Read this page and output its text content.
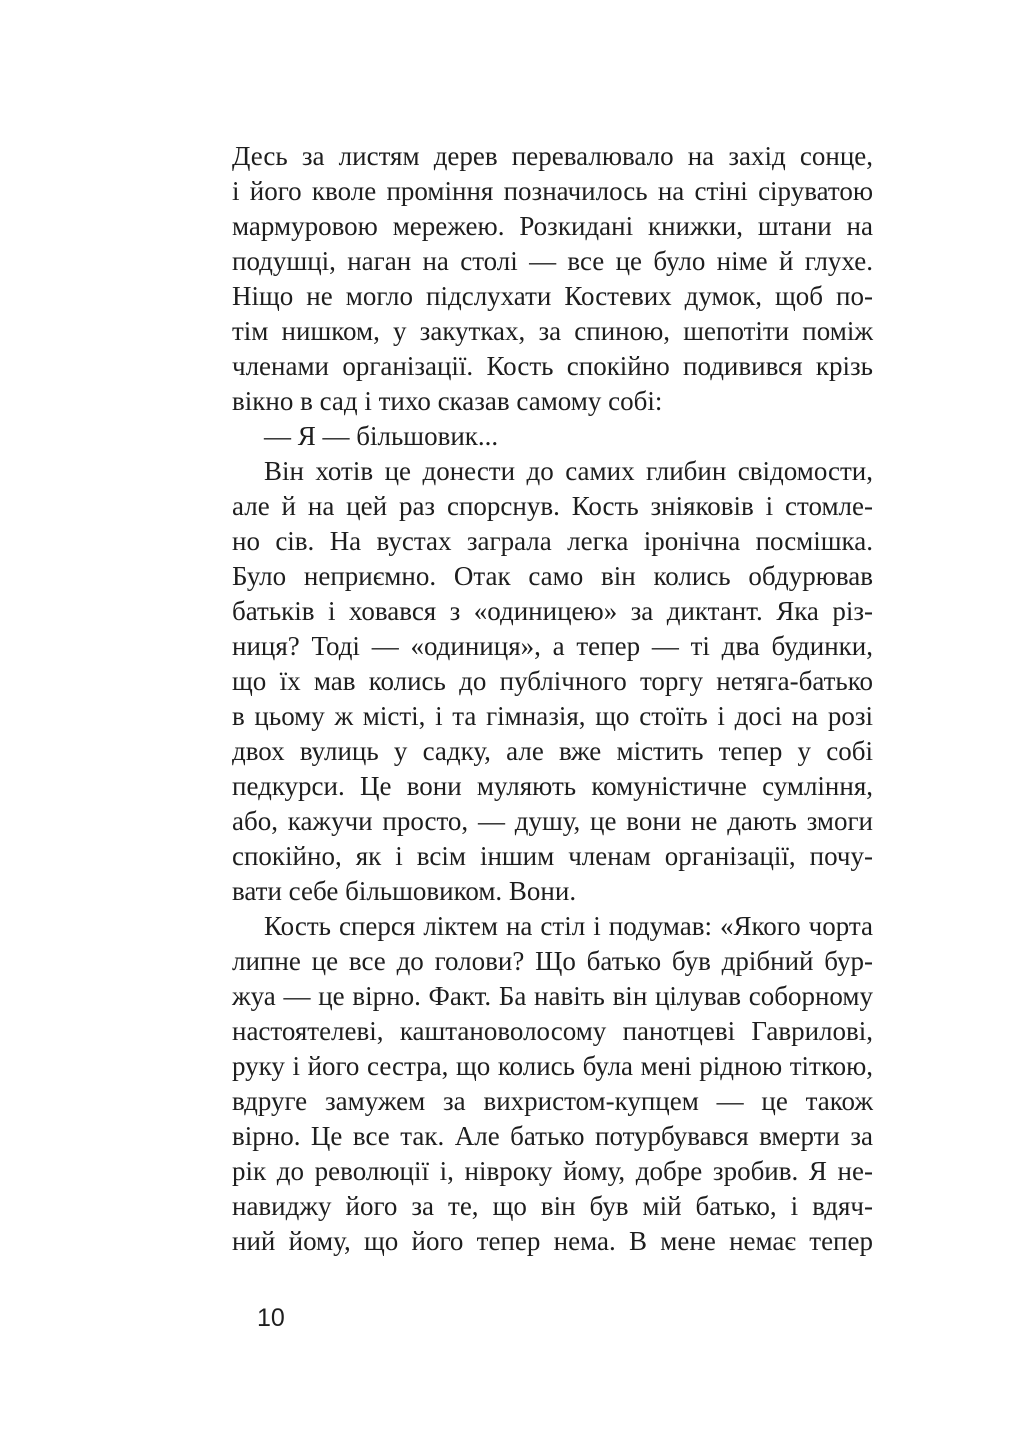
Десь за листям дерев перевалювало на захід сонце,
і його кволе проміння позначилось на стіні сіруватою
мармуровою мережею. Розкидані книжки, штани на
подушці, наган на столі — все це було німе й глухе.
Ніщо не могло підслухати Костевих думок, щоб по-
тім нишком, у закутках, за спиною, шепотіти поміж
членами організації. Кость спокійно подивився крізь
вікно в сад і тихо сказав самому собі:
— Я — більшовик...
Він хотів це донести до самих глибин свідомости,
але й на цей раз спорснув. Кость зніяковів і стомле-
но сів. На вустах заграла легка іронічна посмішка.
Було неприємно. Отак само він колись обдурював
батьків і ховався з «одиницею» за диктант. Яка різ-
ниця? Тоді — «одиниця», а тепер — ті два будинки,
що їх мав колись до публічного торгу нетяга-батько
в цьому ж місті, і та гімназія, що стоїть і досі на розі
двох вулиць у садку, але вже містить тепер у собі
педкурси. Це вони муляють комуністичне сумління,
або, кажучи просто, — душу, це вони не дають змоги
спокійно, як і всім іншим членам організації, почу-
вати себе більшовиком. Вони.
Кость сперся ліктем на стіл і подумав: «Якого чорта
липне це все до голови? Що батько був дрібний бур-
жуа — це вірно. Факт. Ба навіть він цілував соборному
настоятелеві, каштановолосому панотцеві Гаврилові,
руку і його сестра, що колись була мені рідною тіткою,
вдруге замужем за вихристом-купцем — це також
вірно. Це все так. Але батько потурбувався вмерти за
рік до революції і, нівроку йому, добре зробив. Я не-
навиджу його за те, що він був мій батько, і вдяч-
ний йому, що його тепер нема. В мене немає тепер
10
